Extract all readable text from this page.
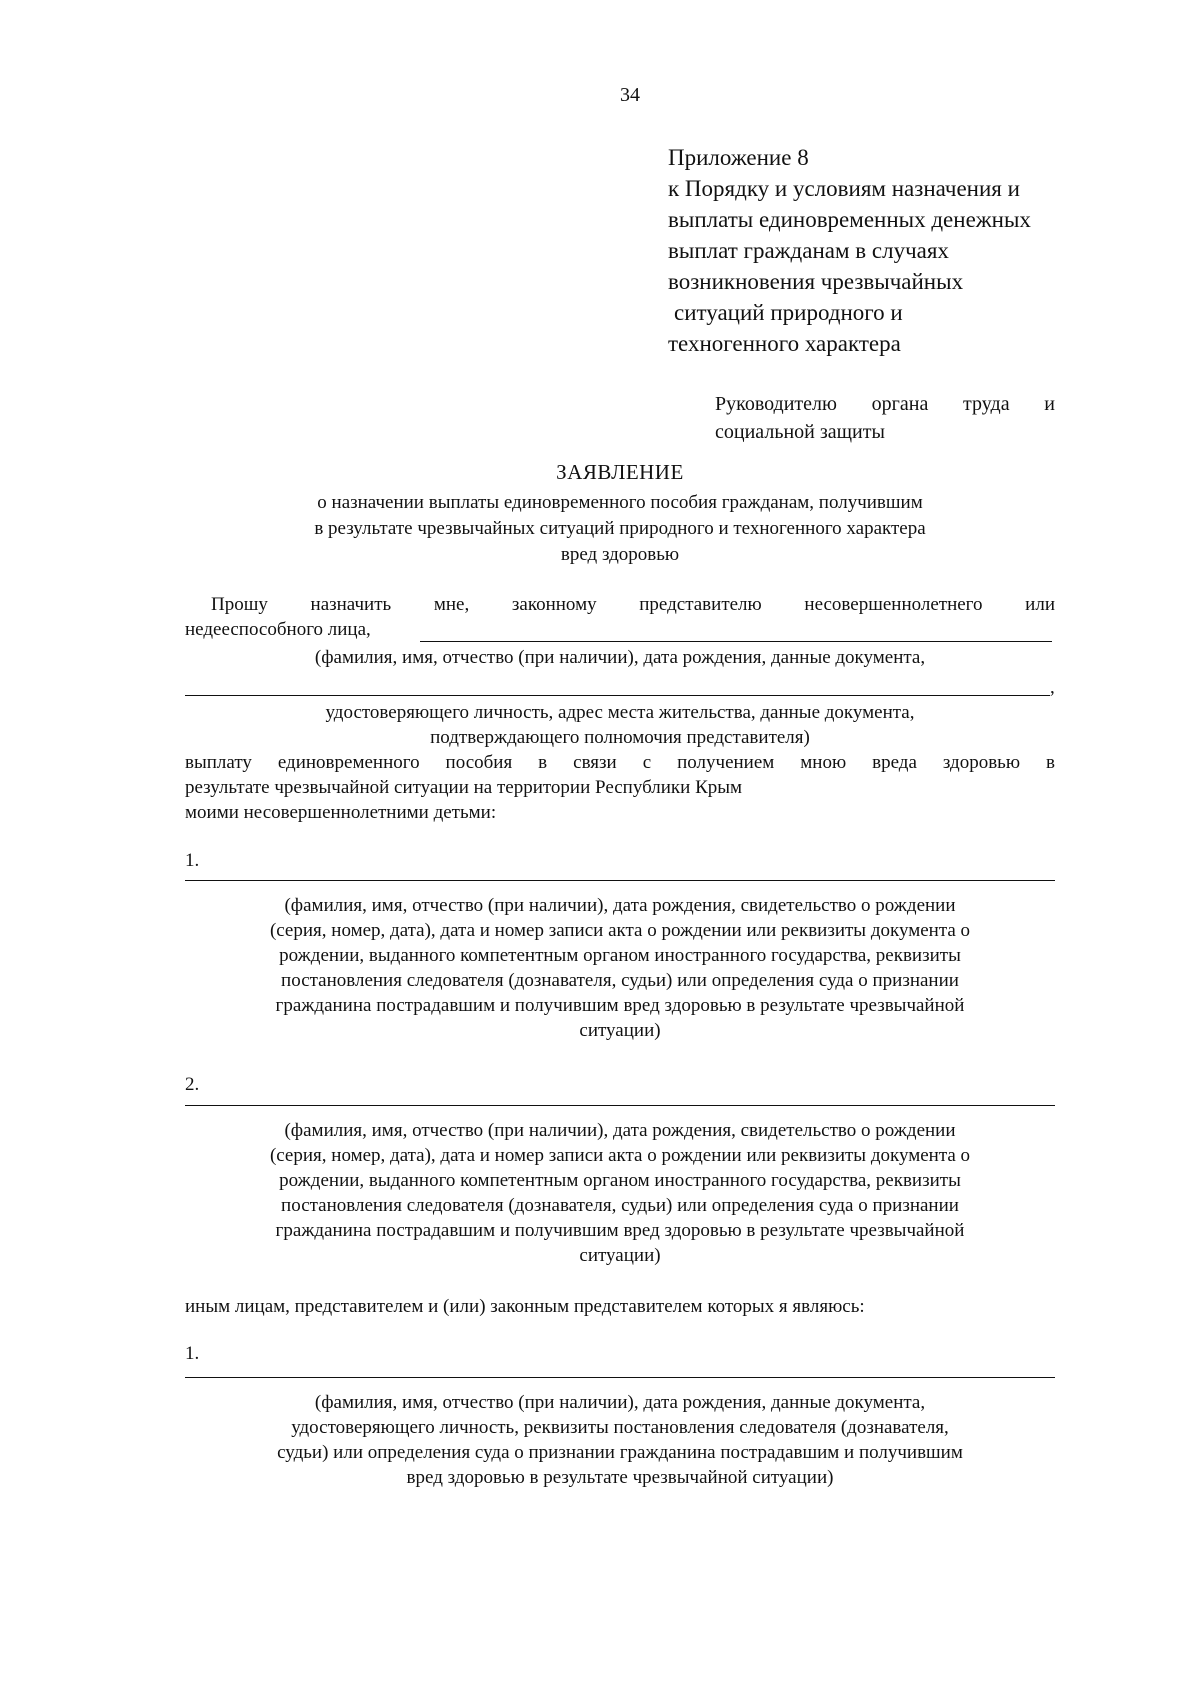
34
Приложение 8
к Порядку и условиям назначения и
выплаты единовременных денежных
выплат гражданам в случаях
возникновения чрезвычайных
ситуаций природного и
техногенного характера
Руководителю органа труда и
социальной защиты
ЗАЯВЛЕНИЕ
о назначении выплаты единовременного пособия гражданам, получившим
в результате чрезвычайных ситуаций природного и техногенного характера
вред здоровью
Прошу назначить мне, законному представителю несовершеннолетнего или
недееспособного лица,
(фамилия, имя, отчество (при наличии), дата рождения, данные документа,
,
удостоверяющего личность, адрес места жительства, данные документа,
подтверждающего полномочия представителя)
выплату единовременного пособия в связи с получением мною вреда здоровью в
результате чрезвычайной ситуации на территории Республики Крым
моими несовершеннолетними детьми:
1.
(фамилия, имя, отчество (при наличии), дата рождения, свидетельство о рождении
(серия, номер, дата), дата и номер записи акта о рождении или реквизиты документа о
рождении, выданного компетентным органом иностранного государства, реквизиты
постановления следователя (дознавателя, судьи) или определения суда о признании
гражданина пострадавшим и получившим вред здоровью в результате чрезвычайной
ситуации)
2.
(фамилия, имя, отчество (при наличии), дата рождения, свидетельство о рождении
(серия, номер, дата), дата и номер записи акта о рождении или реквизиты документа о
рождении, выданного компетентным органом иностранного государства, реквизиты
постановления следователя (дознавателя, судьи) или определения суда о признании
гражданина пострадавшим и получившим вред здоровью в результате чрезвычайной
ситуации)
иным лицам, представителем и (или) законным представителем которых я являюсь:
1.
(фамилия, имя, отчество (при наличии), дата рождения, данные документа,
удостоверяющего личность, реквизиты постановления следователя (дознавателя,
судьи) или определения суда о признании гражданина пострадавшим и получившим
вред здоровью в результате чрезвычайной ситуации)
